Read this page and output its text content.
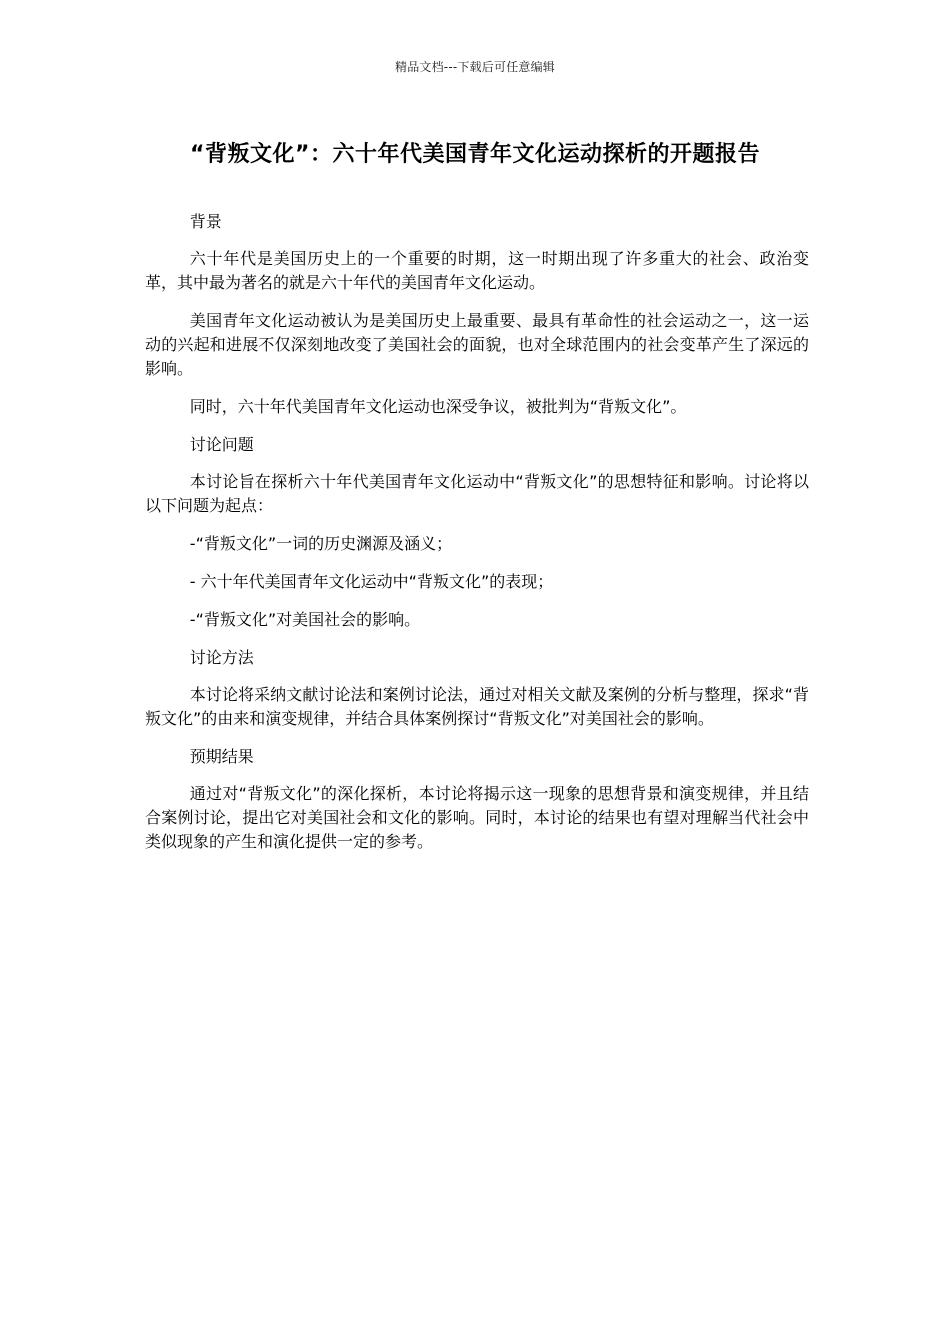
精品文档---下载后可任意编辑
“背叛文化”：六十年代美国青年文化运动探析的开题报告

背景

六十年代是美国历史上的一个重要的时期，这一时期出现了许多重大的社会、政治变革，其中最为著名的就是六十年代的美国青年文化运动。

美国青年文化运动被认为是美国历史上最重要、最具有革命性的社会运动之一，这一运动的兴起和进展不仅深刻地改变了美国社会的面貌，也对全球范围内的社会变革产生了深远的影响。

同时，六十年代美国青年文化运动也深受争议，被批判为“背叛文化”。

讨论问题

本讨论旨在探析六十年代美国青年文化运动中“背叛文化”的思想特征和影响。讨论将以以下问题为起点：

-“背叛文化”一词的历史渊源及涵义；

- 六十年代美国青年文化运动中“背叛文化”的表现；

-“背叛文化”对美国社会的影响。

讨论方法

本讨论将采纳文献讨论法和案例讨论法，通过对相关文献及案例的分析与整理，探求“背叛文化”的由来和演变规律，并结合具体案例探讨“背叛文化”对美国社会的影响。

预期结果

通过对“背叛文化”的深化探析，本讨论将揭示这一现象的思想背景和演变规律，并且结合案例讨论，提出它对美国社会和文化的影响。同时，本讨论的结果也有望对理解当代社会中类似现象的产生和演化提供一定的参考。
